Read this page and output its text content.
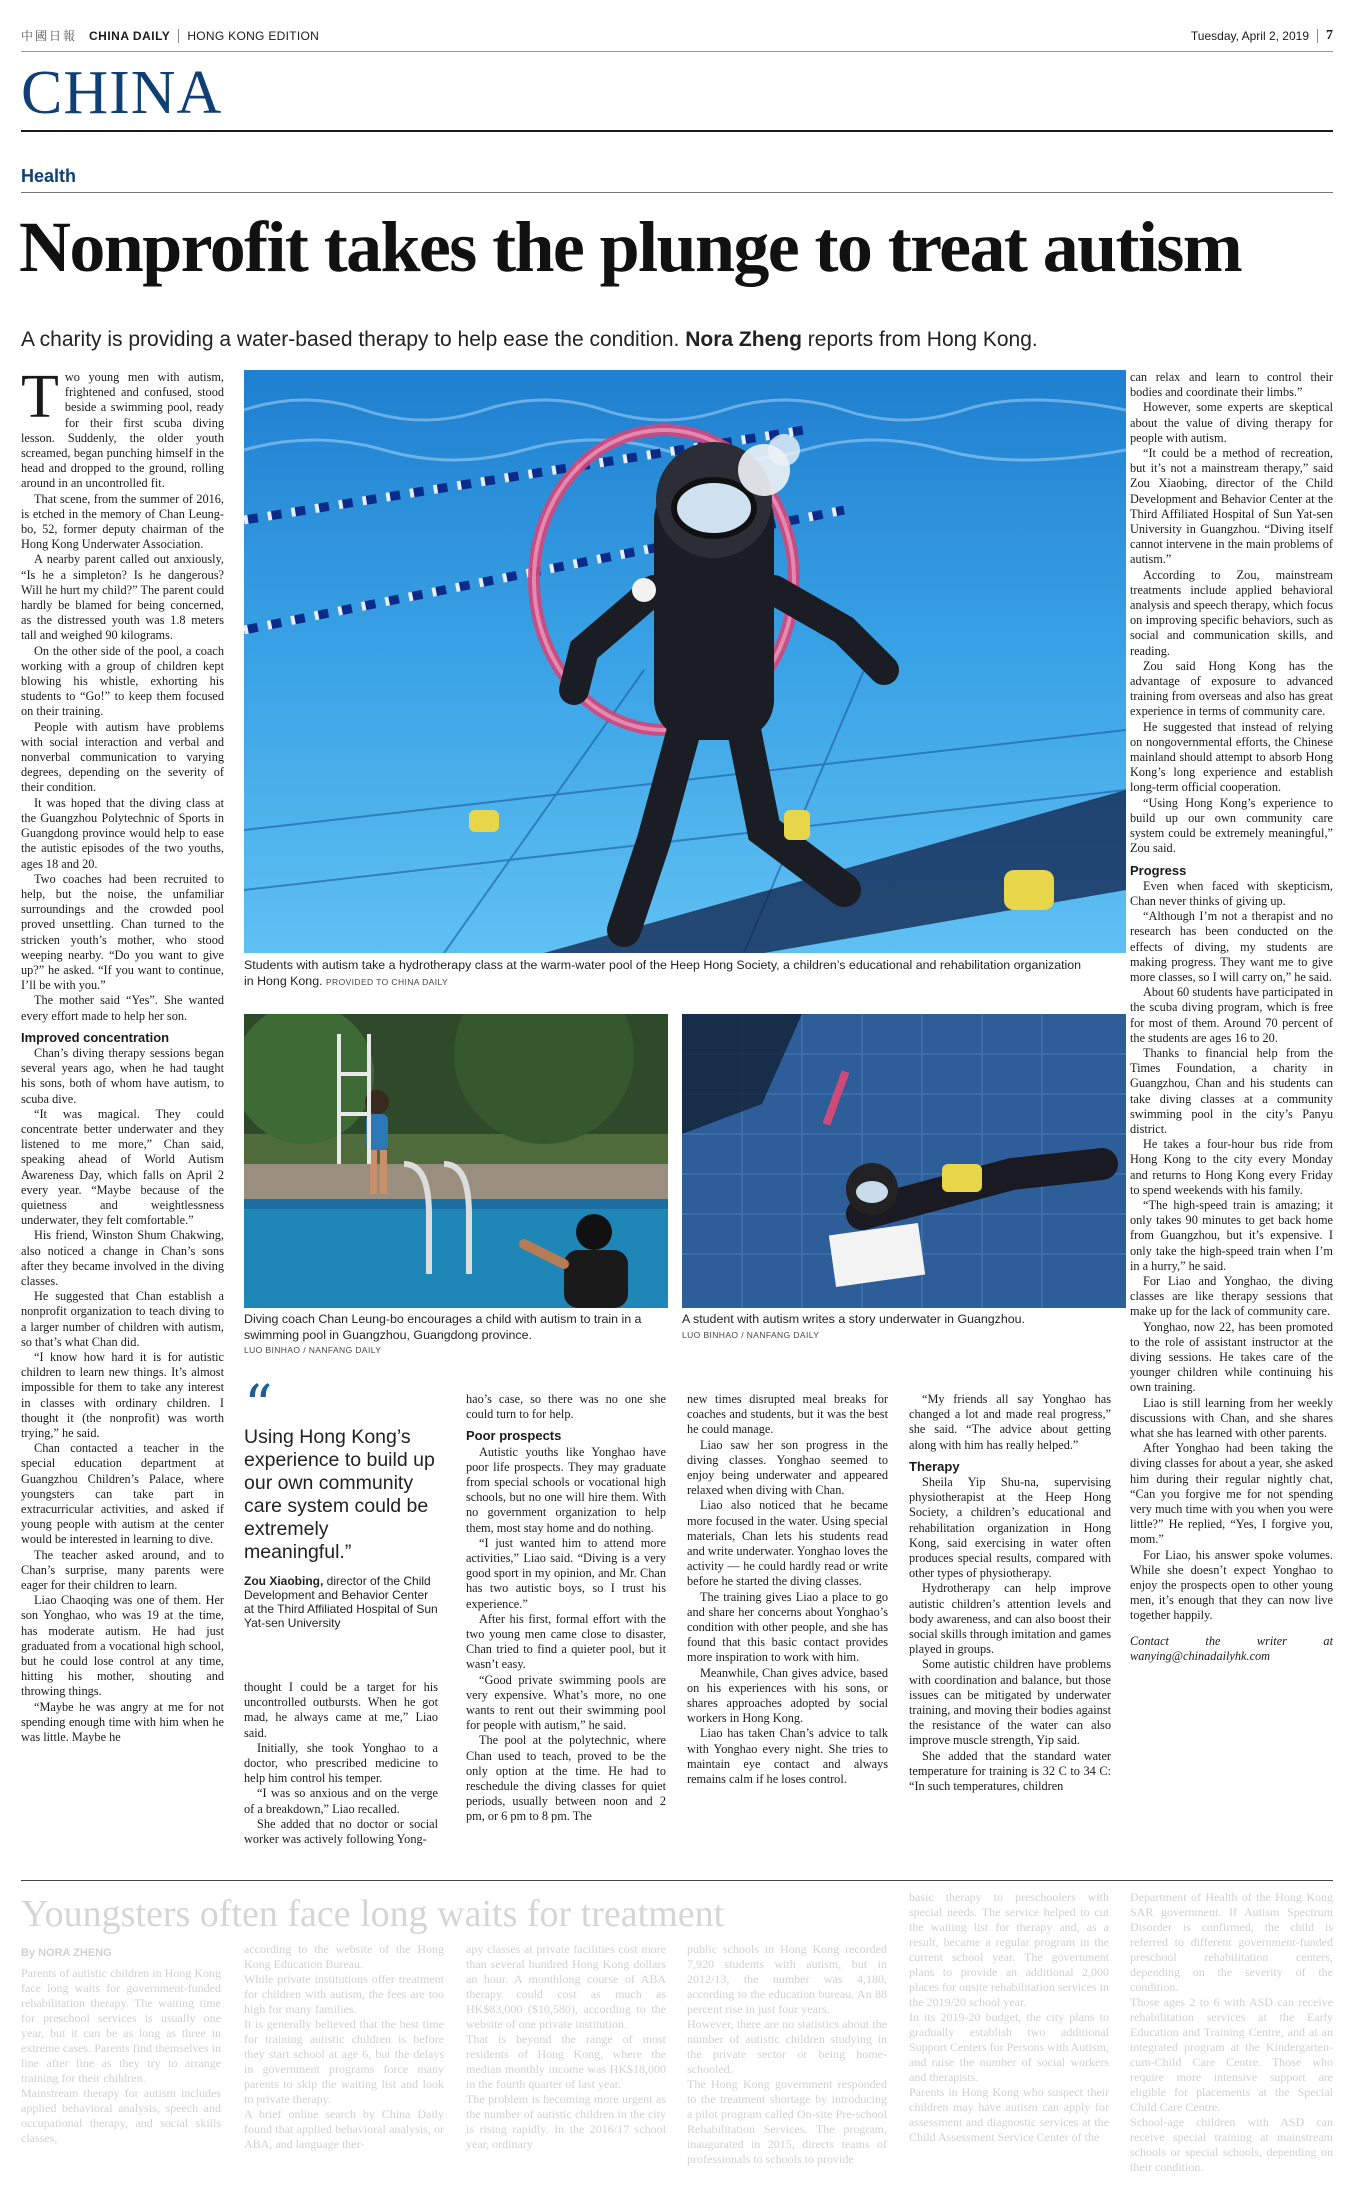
中國日報 CHINA DAILY HONG KONG EDITION	Tuesday, April 2, 2019 7
CHINA
Health
Nonprofit takes the plunge to treat autism
A charity is providing a water-based therapy to help ease the condition. Nora Zheng reports from Hong Kong.

Two young men with autism, frightened and confused, stood beside a swimming pool, ready for their first scuba diving lesson. Suddenly, the older youth screamed, began punching himself in the head and dropped to the ground, rolling around in an uncontrolled fit.

That scene, from the summer of 2016, is etched in the memory of Chan Leung-bo, 52, former deputy chairman of the Hong Kong Underwater Association.

A nearby parent called out anxiously, “Is he a simpleton? Is he dangerous? Will he hurt my child?” The parent could hardly be blamed for being concerned, as the distressed youth was 1.8 meters tall and weighed 90 kilograms.

On the other side of the pool, a coach working with a group of children kept blowing his whistle, exhorting his students to “Go!” to keep them focused on their training.

People with autism have problems with social interaction and verbal and nonverbal communication to varying degrees, depending on the severity of their condition.

It was hoped that the diving class at the Guangzhou Polytechnic of Sports in Guangdong province would help to ease the autistic episodes of the two youths, ages 18 and 20.

Two coaches had been recruited to help, but the noise, the unfamiliar surroundings and the crowded pool proved unsettling. Chan turned to the stricken youth’s mother, who stood weeping nearby. “Do you want to give up?” he asked. “If you want to continue, I’ll be with you.”

The mother said “Yes”. She wanted every effort made to help her son.

Improved concentration

Chan’s diving therapy sessions began several years ago, when he had taught his sons, both of whom have autism, to scuba dive.

“It was magical. They could concentrate better underwater and they listened to me more,” Chan said, speaking ahead of World Autism Awareness Day, which falls on April 2 every year. “Maybe because of the quietness and weightlessness underwater, they felt comfortable.”

His friend, Winston Shum Chakwing, also noticed a change in Chan’s sons after they became involved in the diving classes.

He suggested that Chan establish a nonprofit organization to teach diving to a larger number of children with autism, so that’s what Chan did.

“I know how hard it is for autistic children to learn new things. It’s almost impossible for them to take any interest in classes with ordinary children. I thought it (the nonprofit) was worth trying,” he said.

Chan contacted a teacher in the special education department at Guangzhou Children’s Palace, where youngsters can take part in extracurricular activities, and asked if young people with autism at the center would be interested in learning to dive.

The teacher asked around, and to Chan’s surprise, many parents were eager for their children to learn.

Liao Chaoqing was one of them. Her son Yonghao, who was 19 at the time, has moderate autism. He had just graduated from a vocational high school, but he could lose control at any time, hitting his mother, shouting and throwing things.

“Maybe he was angry at me for not spending enough time with him when he was little. Maybe he

Students with autism take a hydrotherapy class at the warm-water pool of the Heep Hong Society, a children’s educational and rehabilitation organization in Hong Kong. PROVIDED TO CHINA DAILY
Diving coach Chan Leung-bo encourages a child with autism to train in a swimming pool in Guangzhou, Guangdong province.
LUO BINHAO / NANFANG DAILY
A student with autism writes a story underwater in Guangzhou.
LUO BINHAO / NANFANG DAILY
“
Using Hong Kong’s experience to build up our own community care system could be extremely meaningful.”
Zou Xiaobing, director of the Child Development and Behavior Center at the Third Affiliated Hospital of Sun Yat-sen University

thought I could be a target for his uncontrolled outbursts. When he got mad, he always came at me,” Liao said.

Initially, she took Yonghao to a doctor, who prescribed medicine to help him control his temper.

“I was so anxious and on the verge of a breakdown,” Liao recalled.

She added that no doctor or social worker was actively following Yong-

hao’s case, so there was no one she could turn to for help.

Poor prospects

Autistic youths like Yonghao have poor life prospects. They may graduate from special schools or vocational high schools, but no one will hire them. With no government organization to help them, most stay home and do nothing.

“I just wanted him to attend more activities,” Liao said. “Diving is a very good sport in my opinion, and Mr. Chan has two autistic boys, so I trust his experience.”

After his first, formal effort with the two young men came close to disaster, Chan tried to find a quieter pool, but it wasn’t easy.

“Good private swimming pools are very expensive. What’s more, no one wants to rent out their swimming pool for people with autism,” he said.

The pool at the polytechnic, where Chan used to teach, proved to be the only option at the time. He had to reschedule the diving classes for quiet periods, usually between noon and 2 pm, or 6 pm to 8 pm. The

new times disrupted meal breaks for coaches and students, but it was the best he could manage.

Liao saw her son progress in the diving classes. Yonghao seemed to enjoy being underwater and appeared relaxed when diving with Chan.

Liao also noticed that he became more focused in the water. Using special materials, Chan lets his students read and write underwater. Yonghao loves the activity — he could hardly read or write before he started the diving classes.

The training gives Liao a place to go and share her concerns about Yonghao’s condition with other people, and she has found that this basic contact provides more inspiration to work with him.

Meanwhile, Chan gives advice, based on his experiences with his sons, or shares approaches adopted by social workers in Hong Kong.

Liao has taken Chan’s advice to talk with Yonghao every night. She tries to maintain eye contact and always remains calm if he loses control.

“My friends all say Yonghao has changed a lot and made real progress,” she said. “The advice about getting along with him has really helped.”

Therapy

Sheila Yip Shu-na, supervising physiotherapist at the Heep Hong Society, a children’s educational and rehabilitation organization in Hong Kong, said exercising in water often produces special results, compared with other types of physiotherapy.

Hydrotherapy can help improve autistic children’s attention levels and body awareness, and can also boost their social skills through imitation and games played in groups.

Some autistic children have problems with coordination and balance, but those issues can be mitigated by underwater training, and moving their bodies against the resistance of the water can also improve muscle strength, Yip said.

She added that the standard water temperature for training is 32 C to 34 C: “In such temperatures, children

can relax and learn to control their bodies and coordinate their limbs.”

However, some experts are skeptical about the value of diving therapy for people with autism.

“It could be a method of recreation, but it’s not a mainstream therapy,” said Zou Xiaobing, director of the Child Development and Behavior Center at the Third Affiliated Hospital of Sun Yat-sen University in Guangzhou. “Diving itself cannot intervene in the main problems of autism.”

According to Zou, mainstream treatments include applied behavioral analysis and speech therapy, which focus on improving specific behaviors, such as social and communication skills, and reading.

Zou said Hong Kong has the advantage of exposure to advanced training from overseas and also has great experience in terms of community care.

He suggested that instead of relying on nongovernmental efforts, the Chinese mainland should attempt to absorb Hong Kong’s long experience and establish long-term official cooperation.

“Using Hong Kong’s experience to build up our own community care system could be extremely meaningful,” Zou said.

Progress

Even when faced with skepticism, Chan never thinks of giving up.

“Although I’m not a therapist and no research has been conducted on the effects of diving, my students are making progress. They want me to give more classes, so I will carry on,” he said.

About 60 students have participated in the scuba diving program, which is free for most of them. Around 70 percent of the students are ages 16 to 20.

Thanks to financial help from the Times Foundation, a charity in Guangzhou, Chan and his students can take diving classes at a community swimming pool in the city’s Panyu district.

He takes a four-hour bus ride from Hong Kong to the city every Monday and returns to Hong Kong every Friday to spend weekends with his family.

“The high-speed train is amazing; it only takes 90 minutes to get back home from Guangzhou, but it’s expensive. I only take the high-speed train when I’m in a hurry,” he said.

For Liao and Yonghao, the diving classes are like therapy sessions that make up for the lack of community care.

Yonghao, now 22, has been promoted to the role of assistant instructor at the diving sessions. He takes care of the younger children while continuing his own training.

Liao is still learning from her weekly discussions with Chan, and she shares what she has learned with other parents.

After Yonghao had been taking the diving classes for about a year, she asked him during their regular nightly chat, “Can you forgive me for not spending very much time with you when you were little?” He replied, “Yes, I forgive you, mom.”

For Liao, his answer spoke volumes. While she doesn’t expect Yonghao to enjoy the prospects open to other young men, it’s enough that they can now live together happily.

Contact the writer at wanying@chinadailyhk.com

Youngsters often face long waits for treatment
By NORA ZHENG

Parents of autistic children in Hong Kong face long waits for government-funded rehabilitation therapy. The waiting time for preschool services is usually one year, but it can be as long as three in extreme cases. Parents find themselves in line after line as they try to arrange training for their children.

Mainstream therapy for autism includes applied behavioral analysis, speech and occupational therapy, and social skills classes,

according to the website of the Hong Kong Education Bureau.

While private institutions offer treatment for children with autism, the fees are too high for many families.

It is generally believed that the best time for training autistic children is before they start school at age 6, but the delays in government programs force many parents to skip the waiting list and look to private therapy.

A brief online search by China Daily found that applied behavioral analysis, or ABA, and language ther-

apy classes at private facilities cost more than several hundred Hong Kong dollars an hour. A monthlong course of ABA therapy could cost as much as HK$83,000 ($10,580), according to the website of one private institution.

That is beyond the range of most residents of Hong Kong, where the median monthly income was HK$18,000 in the fourth quarter of last year.

The problem is becoming more urgent as the number of autistic children in the city is rising rapidly. In the 2016/17 school year, ordinary

public schools in Hong Kong recorded 7,920 students with autism, but in 2012/13, the number was 4,180, according to the education bureau. An 88 percent rise in just four years.

However, there are no statistics about the number of autistic children studying in the private sector or being home-schooled.

The Hong Kong government responded to the treatment shortage by introducing a pilot program called On-site Pre-school Rehabilitation Services. The program, inaugurated in 2015, directs teams of professionals to schools to provide

basic therapy to preschoolers with special needs. The service helped to cut the waiting list for therapy and, as a result, became a regular program in the current school year. The government plans to provide an additional 2,000 places for onsite rehabilitation services in the 2019/20 school year.

In its 2019-20 budget, the city plans to gradually establish two additional Support Centers for Persons with Autism, and raise the number of social workers and therapists.

Parents in Hong Kong who suspect their children may have autism can apply for assessment and diagnostic services at the Child Assessment Service Center of the

Department of Health of the Hong Kong SAR government. If Autism Spectrum Disorder is confirmed, the child is referred to different government-funded preschool rehabilitation centers, depending on the severity of the condition.

Those ages 2 to 6 with ASD can receive rehabilitation services at the Early Education and Training Centre, and at an integrated program at the Kindergarten-cum-Child Care Centre. Those who require more intensive support are eligible for placements at the Special Child Care Centre.

School-age children with ASD can receive special training at mainstream schools or special schools, depending on their condition.
